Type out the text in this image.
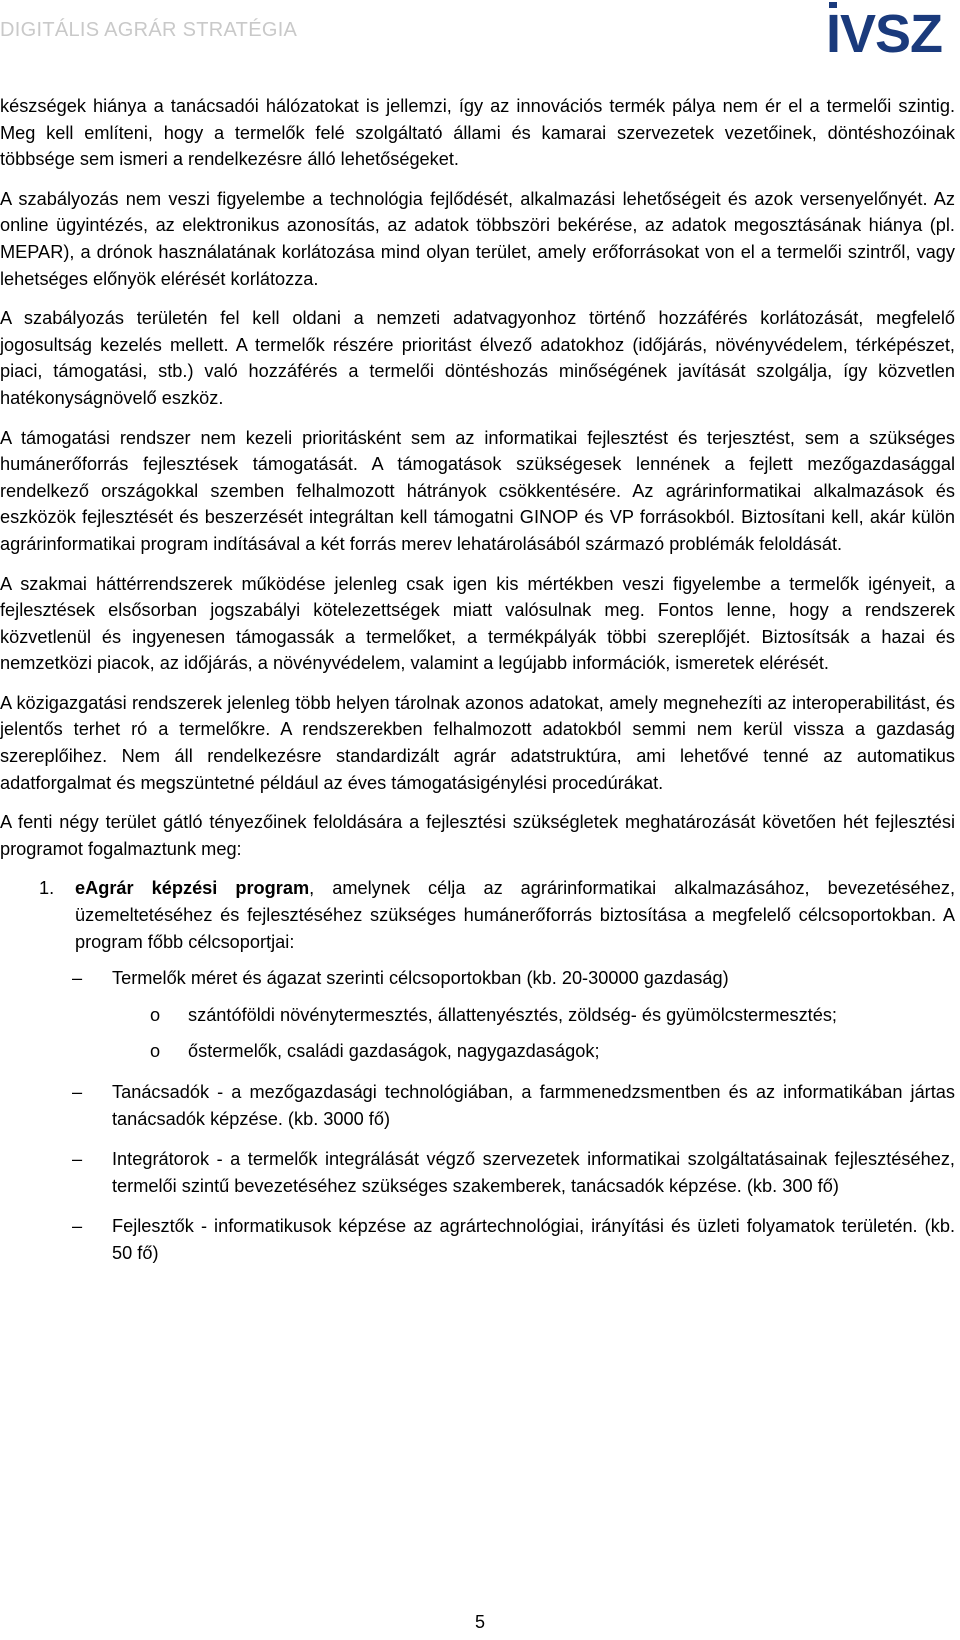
DIGITÁLIS AGRÁR STRATÉGIA	IVSZ

készségek hiánya a tanácsadói hálózatokat is jellemzi, így az innovációs termék pálya nem ér el a termelői szintig. Meg kell említeni, hogy a termelők felé szolgáltató állami és kamarai szervezetek vezetőinek, döntéshozóinak többsége sem ismeri a rendelkezésre álló lehetőségeket.

A szabályozás nem veszi figyelembe a technológia fejlődését, alkalmazási lehetőségeit és azok versenyelőnyét. Az online ügyintézés, az elektronikus azonosítás, az adatok többszöri bekérése, az adatok megosztásának hiánya (pl. MEPAR), a drónok használatának korlátozása mind olyan terület, amely erőforrásokat von el a termelői szintről, vagy lehetséges előnyök elérését korlátozza.

A szabályozás területén fel kell oldani a nemzeti adatvagyonhoz történő hozzáférés korlátozását, megfelelő jogosultság kezelés mellett. A termelők részére prioritást élvező adatokhoz (időjárás, növényvédelem, térképészet, piaci, támogatási, stb.) való hozzáférés a termelői döntéshozás minőségének javítását szolgálja, így közvetlen hatékonyságnövelő eszköz.

A támogatási rendszer nem kezeli prioritásként sem az informatikai fejlesztést és terjesztést, sem a szükséges humánerőforrás fejlesztések támogatását. A támogatások szükségesek lennének a fejlett mezőgazdasággal rendelkező országokkal szemben felhalmozott hátrányok csökkentésére. Az agrárinformatikai alkalmazások és eszközök fejlesztését és beszerzését integráltan kell támogatni GINOP és VP forrásokból. Biztosítani kell, akár külön agrárinformatikai program indításával a két forrás merev lehatárolásából származó problémák feloldását.

A szakmai háttérrendszerek működése jelenleg csak igen kis mértékben veszi figyelembe a termelők igényeit, a fejlesztések elsősorban jogszabályi kötelezettségek miatt valósulnak meg. Fontos lenne, hogy a rendszerek közvetlenül és ingyenesen támogassák a termelőket, a termékpályák többi szereplőjét. Biztosítsák a hazai és nemzetközi piacok, az időjárás, a növényvédelem, valamint a legújabb információk, ismeretek elérését.

A közigazgatási rendszerek jelenleg több helyen tárolnak azonos adatokat, amely megnehezíti az interoperabilitást, és jelentős terhet ró a termelőkre. A rendszerekben felhalmozott adatokból semmi nem kerül vissza a gazdaság szereplőihez. Nem áll rendelkezésre standardizált agrár adatstruktúra, ami lehetővé tenné az automatikus adatforgalmat és megszüntetné például az éves támogatásigénylési procedúrákat.

A fenti négy terület gátló tényezőinek feloldására a fejlesztési szükségletek meghatározását követően hét fejlesztési programot fogalmaztunk meg:

1.	eAgrár képzési program, amelynek célja az agrárinformatikai alkalmazásához, bevezetéséhez, üzemeltetéséhez és fejlesztéséhez szükséges humánerőforrás biztosítása a megfelelő célcsoportokban. A program főbb célcsoportjai:
–	Termelők méret és ágazat szerinti célcsoportokban (kb. 20-30000 gazdaság)
o	szántóföldi növénytermesztés, állattenyésztés, zöldség- és gyümölcstermesztés;
o	őstermelők, családi gazdaságok, nagygazdaságok;
–	Tanácsadók - a mezőgazdasági technológiában, a farmmenedzsmentben és az informatikában jártas tanácsadók képzése. (kb. 3000 fő)
–	Integrátorok - a termelők integrálását végző szervezetek informatikai szolgáltatásainak fejlesztéséhez, termelői szintű bevezetéséhez szükséges szakemberek, tanácsadók képzése. (kb. 300 fő)
–	Fejlesztők - informatikusok képzése az agrártechnológiai, irányítási és üzleti folyamatok területén. (kb. 50 fő)
5
